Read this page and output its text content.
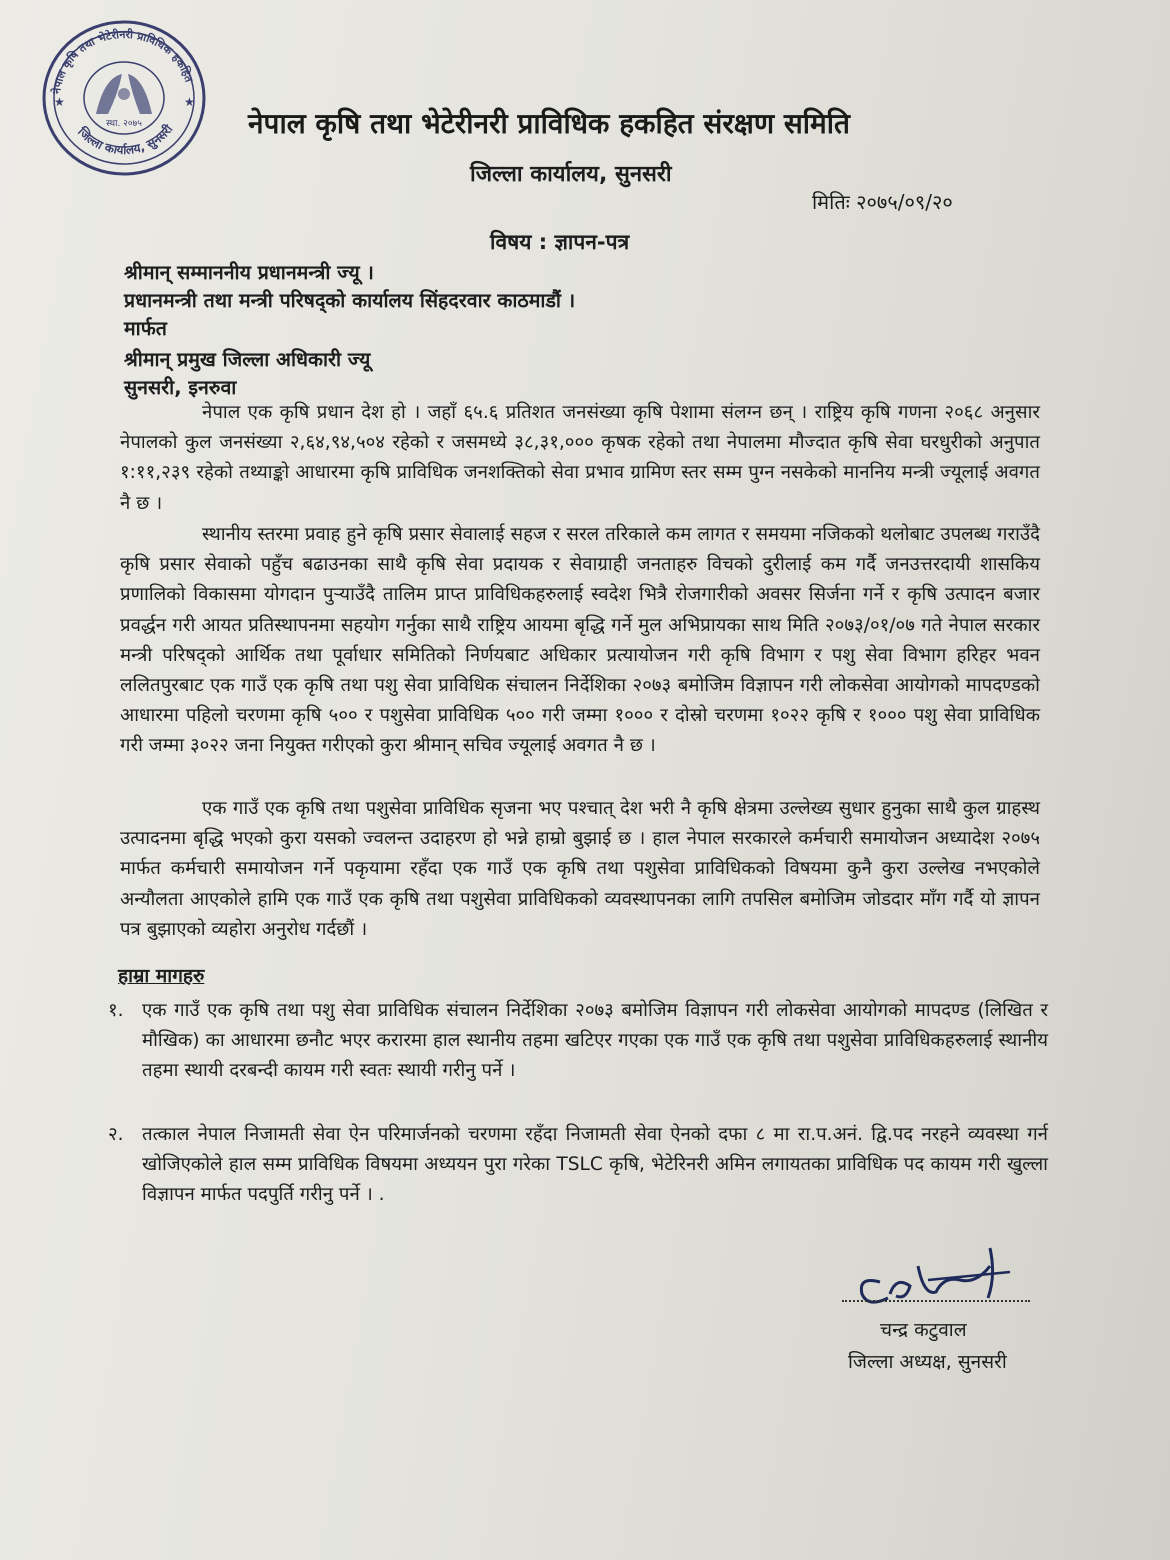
नेपाल कृषि तथा भेटेरीनरी प्राविधिक हकहित
जिल्ला कार्यालय, सुनसरी
स्था. २०७५
★	★
नेपाल कृषि तथा भेटेरीनरी प्राविधिक हकहित संरक्षण समिति
जिल्ला कार्यालय, सुनसरी
मितिः २०७५/०९/२०
विषय : ज्ञापन-पत्र
श्रीमान् सम्माननीय प्रधानमन्त्री ज्यू ।
प्रधानमन्त्री तथा मन्त्री परिषद्को कार्यालय सिंहदरवार काठमाडौं ।
मार्फत
श्रीमान् प्रमुख जिल्ला अधिकारी ज्यू
सुनसरी, इनरुवा
नेपाल एक कृषि प्रधान देश हो । जहाँ ६५.६ प्रतिशत जनसंख्या कृषि पेशामा संलग्न छन् । राष्ट्रिय कृषि गणना २०६८ अनुसार नेपालको कुल जनसंख्या २,६४,९४,५०४ रहेको र जसमध्ये ३८,३१,००० कृषक रहेको तथा नेपालमा मौज्दात कृषि सेवा घरधुरीको अनुपात १:११,२३९ रहेको तथ्याङ्को आधारमा कृषि प्राविधिक जनशक्तिको सेवा प्रभाव ग्रामिण स्तर सम्म पुग्न नसकेको माननिय मन्त्री ज्यूलाई अवगत नै छ ।
स्थानीय स्तरमा प्रवाह हुने कृषि प्रसार सेवालाई सहज र सरल तरिकाले कम लागत र समयमा नजिकको थलोबाट उपलब्ध गराउँदै कृषि प्रसार सेवाको पहुँच बढाउनका साथै कृषि सेवा प्रदायक र सेवाग्राही जनताहरु विचको दुरीलाई कम गर्दै जनउत्तरदायी शासकिय प्रणालिको विकासमा योगदान पुर्‍याउँदै तालिम प्राप्त प्राविधिकहरुलाई स्वदेश भित्रै रोजगारीको अवसर सिर्जना गर्ने र कृषि उत्पादन बजार प्रवर्द्धन गरी आयत प्रतिस्थापनमा सहयोग गर्नुका साथै राष्ट्रिय आयमा बृद्धि गर्ने मुल अभिप्रायका साथ मिति २०७३/०१/०७ गते नेपाल सरकार मन्त्री परिषद्को आर्थिक तथा पूर्वाधार समितिको निर्णयबाट अधिकार प्रत्यायोजन गरी कृषि विभाग र पशु सेवा विभाग हरिहर भवन ललितपुरबाट एक गाउँ एक कृषि तथा पशु सेवा प्राविधिक संचालन निर्देशिका २०७३ बमोजिम विज्ञापन गरी लोकसेवा आयोगको मापदण्डको आधारमा पहिलो चरणमा कृषि ५०० र पशुसेवा प्राविधिक ५०० गरी जम्मा १००० र दोस्रो चरणमा १०२२ कृषि र १००० पशु सेवा प्राविधिक गरी जम्मा ३०२२ जना नियुक्त गरीएको कुरा श्रीमान् सचिव ज्यूलाई अवगत नै छ ।
एक गाउँ एक कृषि तथा पशुसेवा प्राविधिक सृजना भए पश्चात् देश भरी नै कृषि क्षेत्रमा उल्लेख्य सुधार हुनुका साथै कुल ग्राहस्थ उत्पादनमा बृद्धि भएको कुरा यसको ज्वलन्त उदाहरण हो भन्ने हाम्रो बुझाई छ । हाल नेपाल सरकारले कर्मचारी समायोजन अध्यादेश २०७५ मार्फत कर्मचारी समायोजन गर्ने पकृयामा रहँदा एक गाउँ एक कृषि तथा पशुसेवा प्राविधिकको विषयमा कुनै कुरा उल्लेख नभएकोले अन्यौलता आएकोले हामि एक गाउँ एक कृषि तथा पशुसेवा प्राविधिकको व्यवस्थापनका लागि तपसिल बमोजिम जोडदार माँग गर्दै यो ज्ञापन पत्र बुझाएको व्यहोरा अनुरोध गर्दछौं ।
हाम्रा मागहरु
१. एक गाउँ एक कृषि तथा पशु सेवा प्राविधिक संचालन निर्देशिका २०७३ बमोजिम विज्ञापन गरी लोकसेवा आयोगको मापदण्ड (लिखित र मौखिक) का आधारमा छनौट भएर करारमा हाल स्थानीय तहमा खटिएर गएका एक गाउँ एक कृषि तथा पशुसेवा प्राविधिकहरुलाई स्थानीय तहमा स्थायी दरबन्दी कायम गरी स्वतः स्थायी गरीनु पर्ने ।
२. तत्काल नेपाल निजामती सेवा ऐन परिमार्जनको चरणमा रहँदा निजामती सेवा ऐनको दफा ८ मा रा.प.अनं. द्वि.पद नरहने व्यवस्था गर्न खोजिएकोले हाल सम्म प्राविधिक विषयमा अध्ययन पुरा गरेका TSLC कृषि, भेटेरिनरी अमिन लगायतका प्राविधिक पद कायम गरी खुल्ला विज्ञापन मार्फत पदपुर्ति गरीनु पर्ने । .
चन्द्र कटुवाल
जिल्ला अध्यक्ष, सुनसरी
